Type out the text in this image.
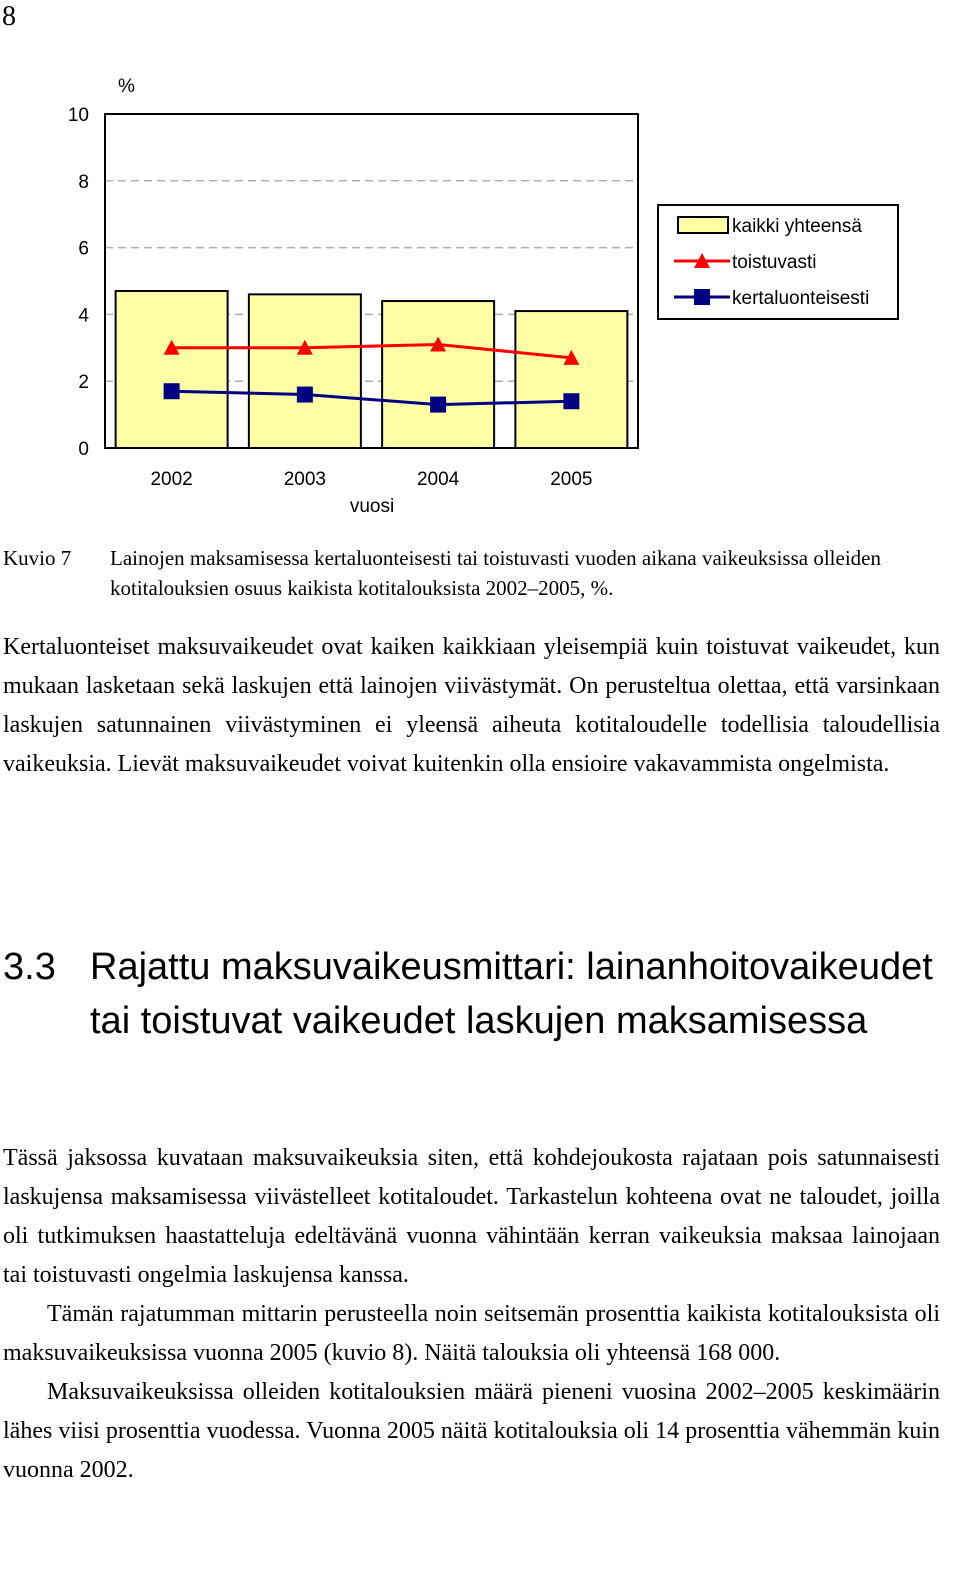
8
0
2
4
6
8
10
%
2002	2003	2004	2005
vuosi
kaikki yhteensä
toistuvasti
kertaluonteisesti
Kuvio 7 Lainojen maksamisessa kertaluonteisesti tai toistuvasti vuoden aikana vaikeuksissa olleiden kotitalouksien osuus kaikista kotitalouksista 2002–2005, %.

Kertaluonteiset maksuvaikeudet ovat kaiken kaikkiaan yleisempiä kuin toistuvat vaikeudet, kun mukaan lasketaan sekä laskujen että lainojen viivästymät. On perusteltua olettaa, että varsinkaan laskujen satunnainen viivästyminen ei yleensä aiheuta kotitaloudelle todellisia taloudellisia vaikeuksia. Lievät maksuvaikeudet voivat kuitenkin olla ensioire vakavammista ongelmista.

3.3 Rajattu maksuvaikeusmittari: lainanhoitovaikeudet tai toistuvat vaikeudet laskujen maksamisessa

Tässä jaksossa kuvataan maksuvaikeuksia siten, että kohdejoukosta rajataan pois satunnaisesti laskujensa maksamisessa viivästelleet kotitaloudet. Tarkastelun kohteena ovat ne taloudet, joilla oli tutkimuksen haastatteluja edeltävänä vuonna vähintään kerran vaikeuksia maksaa lainojaan tai toistuvasti ongelmia laskujensa kanssa.

Tämän rajatumman mittarin perusteella noin seitsemän prosenttia kaikista kotitalouksista oli maksuvaikeuksissa vuonna 2005 (kuvio 8). Näitä talouksia oli yhteensä 168 000.

Maksuvaikeuksissa olleiden kotitalouksien määrä pieneni vuosina 2002–2005 keskimäärin lähes viisi prosenttia vuodessa. Vuonna 2005 näitä kotitalouksia oli 14 prosenttia vähemmän kuin vuonna 2002.
